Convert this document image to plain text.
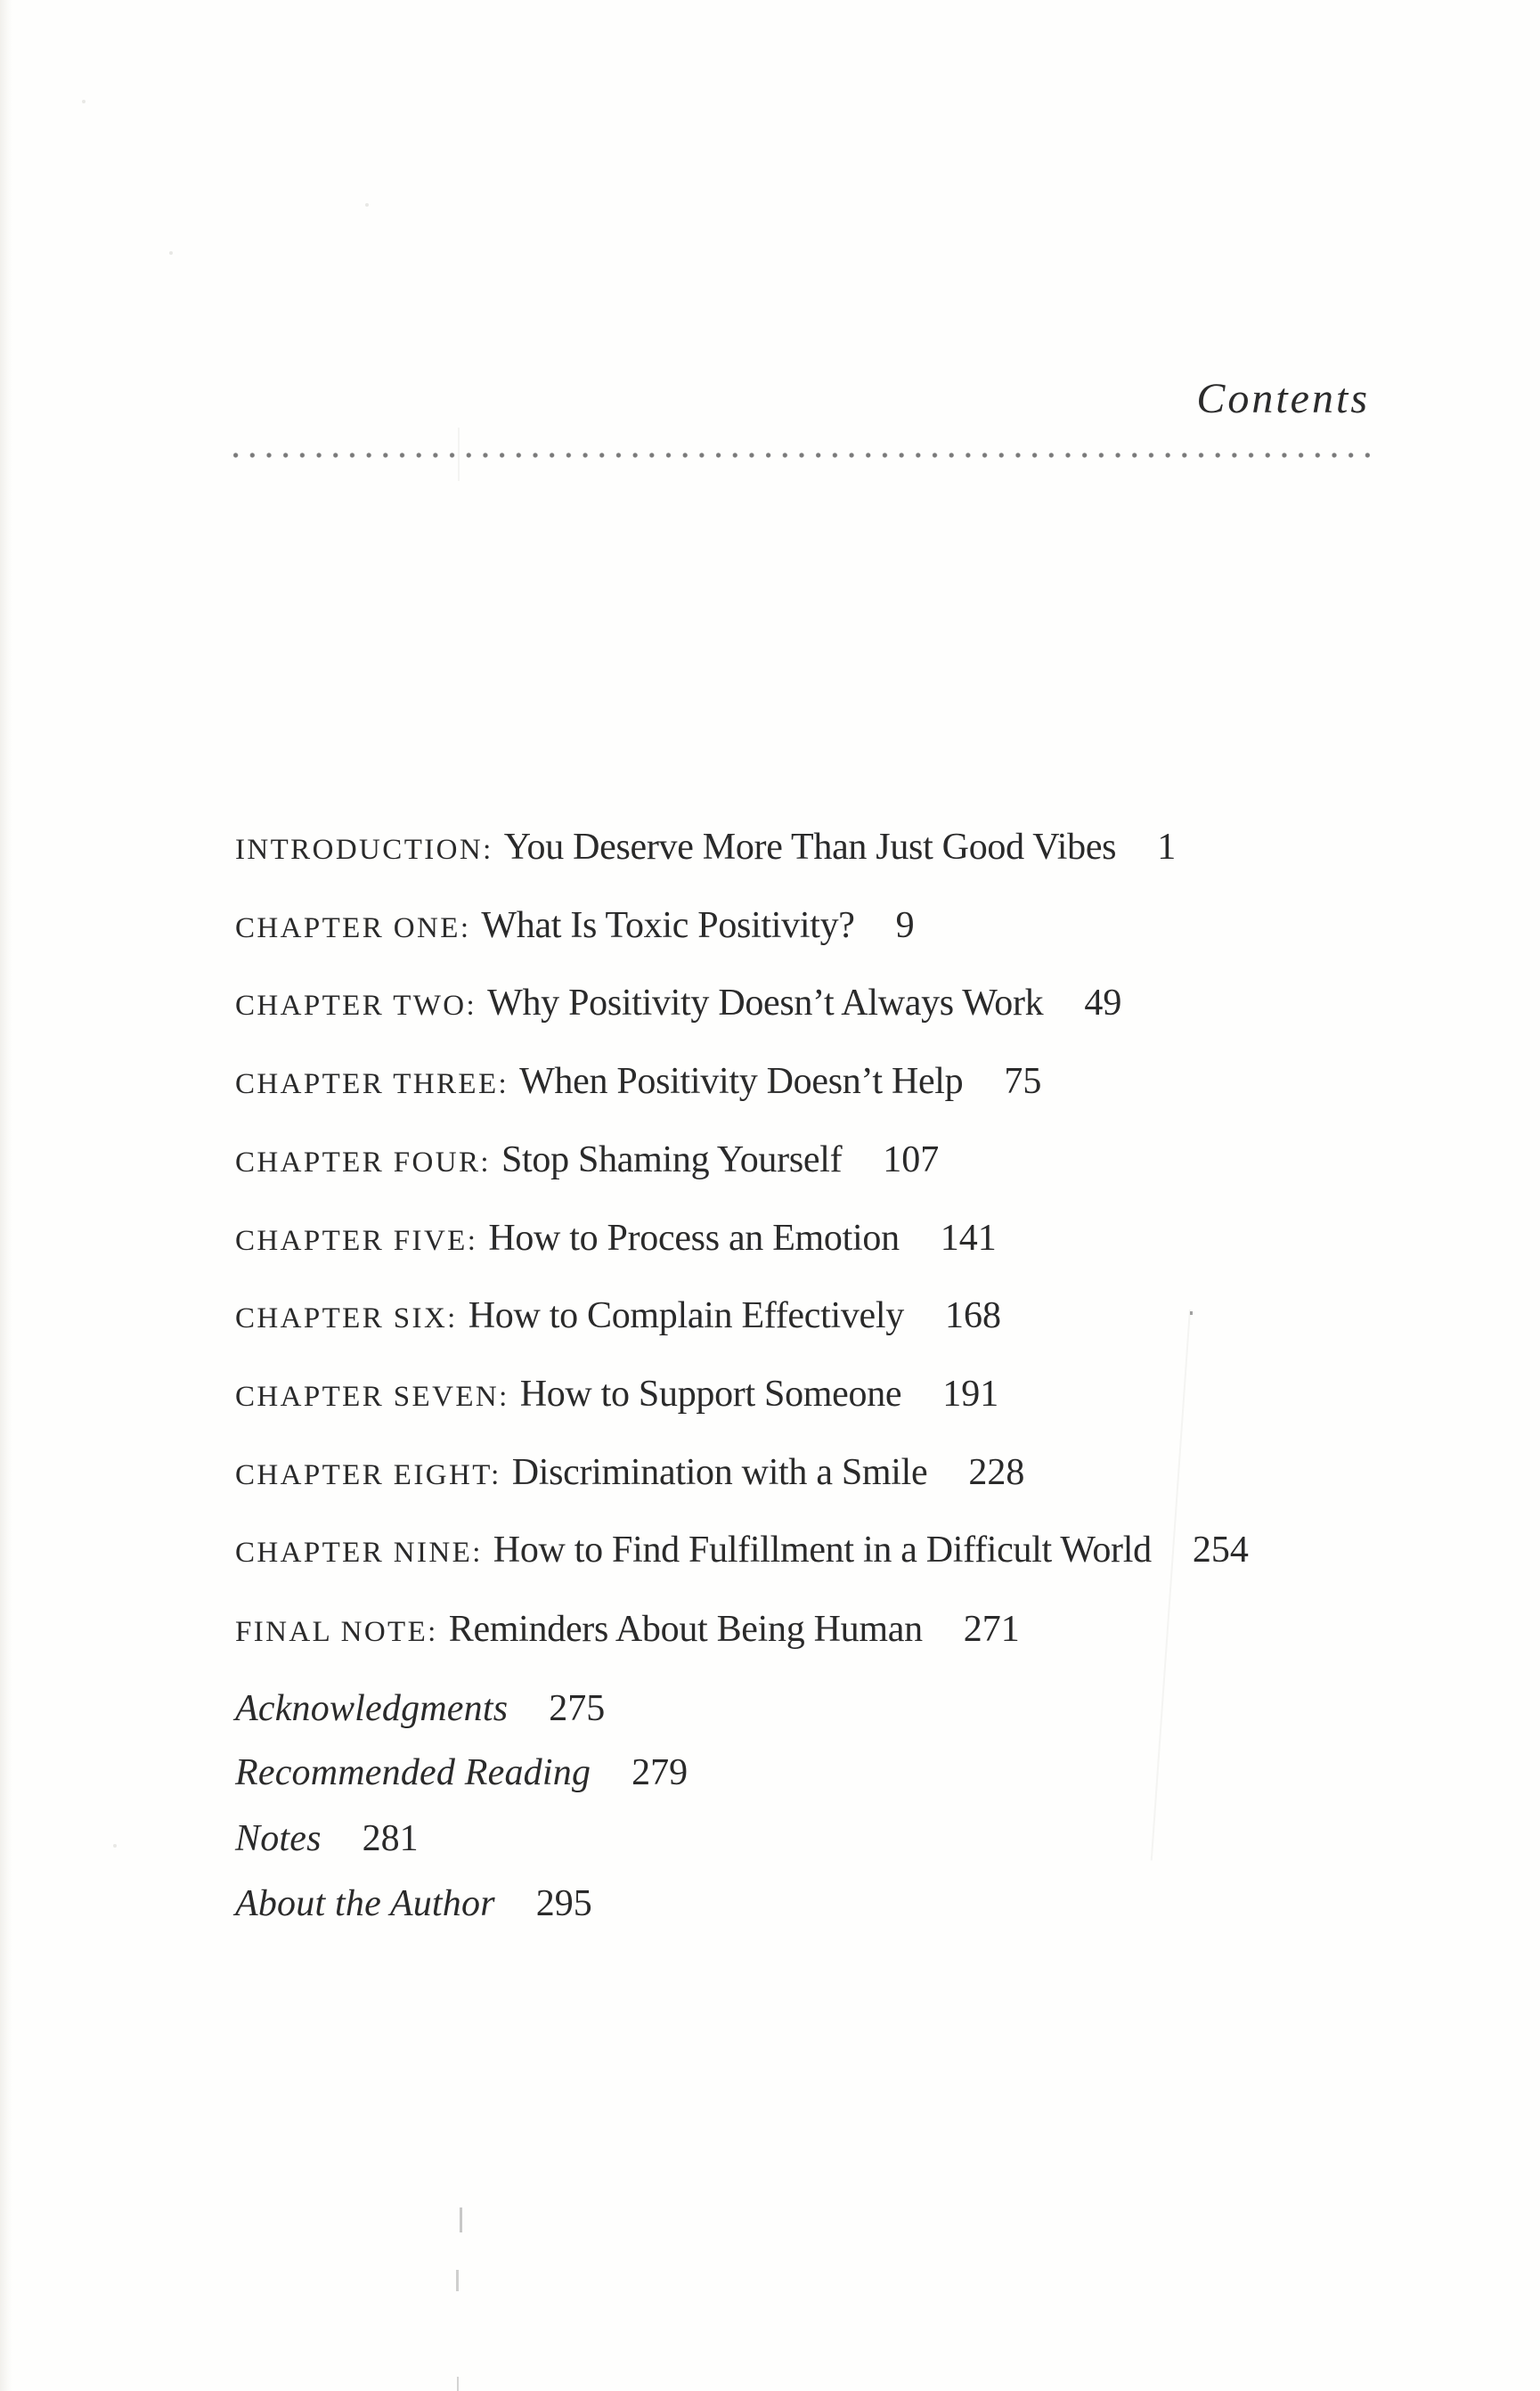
Contents
INTRODUCTION: You Deserve More Than Just Good Vibes 1
CHAPTER ONE: What Is Toxic Positivity? 9
CHAPTER TWO: Why Positivity Doesn’t Always Work 49
CHAPTER THREE: When Positivity Doesn’t Help 75
CHAPTER FOUR: Stop Shaming Yourself 107
CHAPTER FIVE: How to Process an Emotion 141
CHAPTER SIX: How to Complain Effectively 168
CHAPTER SEVEN: How to Support Someone 191
CHAPTER EIGHT: Discrimination with a Smile 228
CHAPTER NINE: How to Find Fulfillment in a Difficult World 254
FINAL NOTE: Reminders About Being Human 271
Acknowledgments 275
Recommended Reading 279
Notes 281
About the Author 295
